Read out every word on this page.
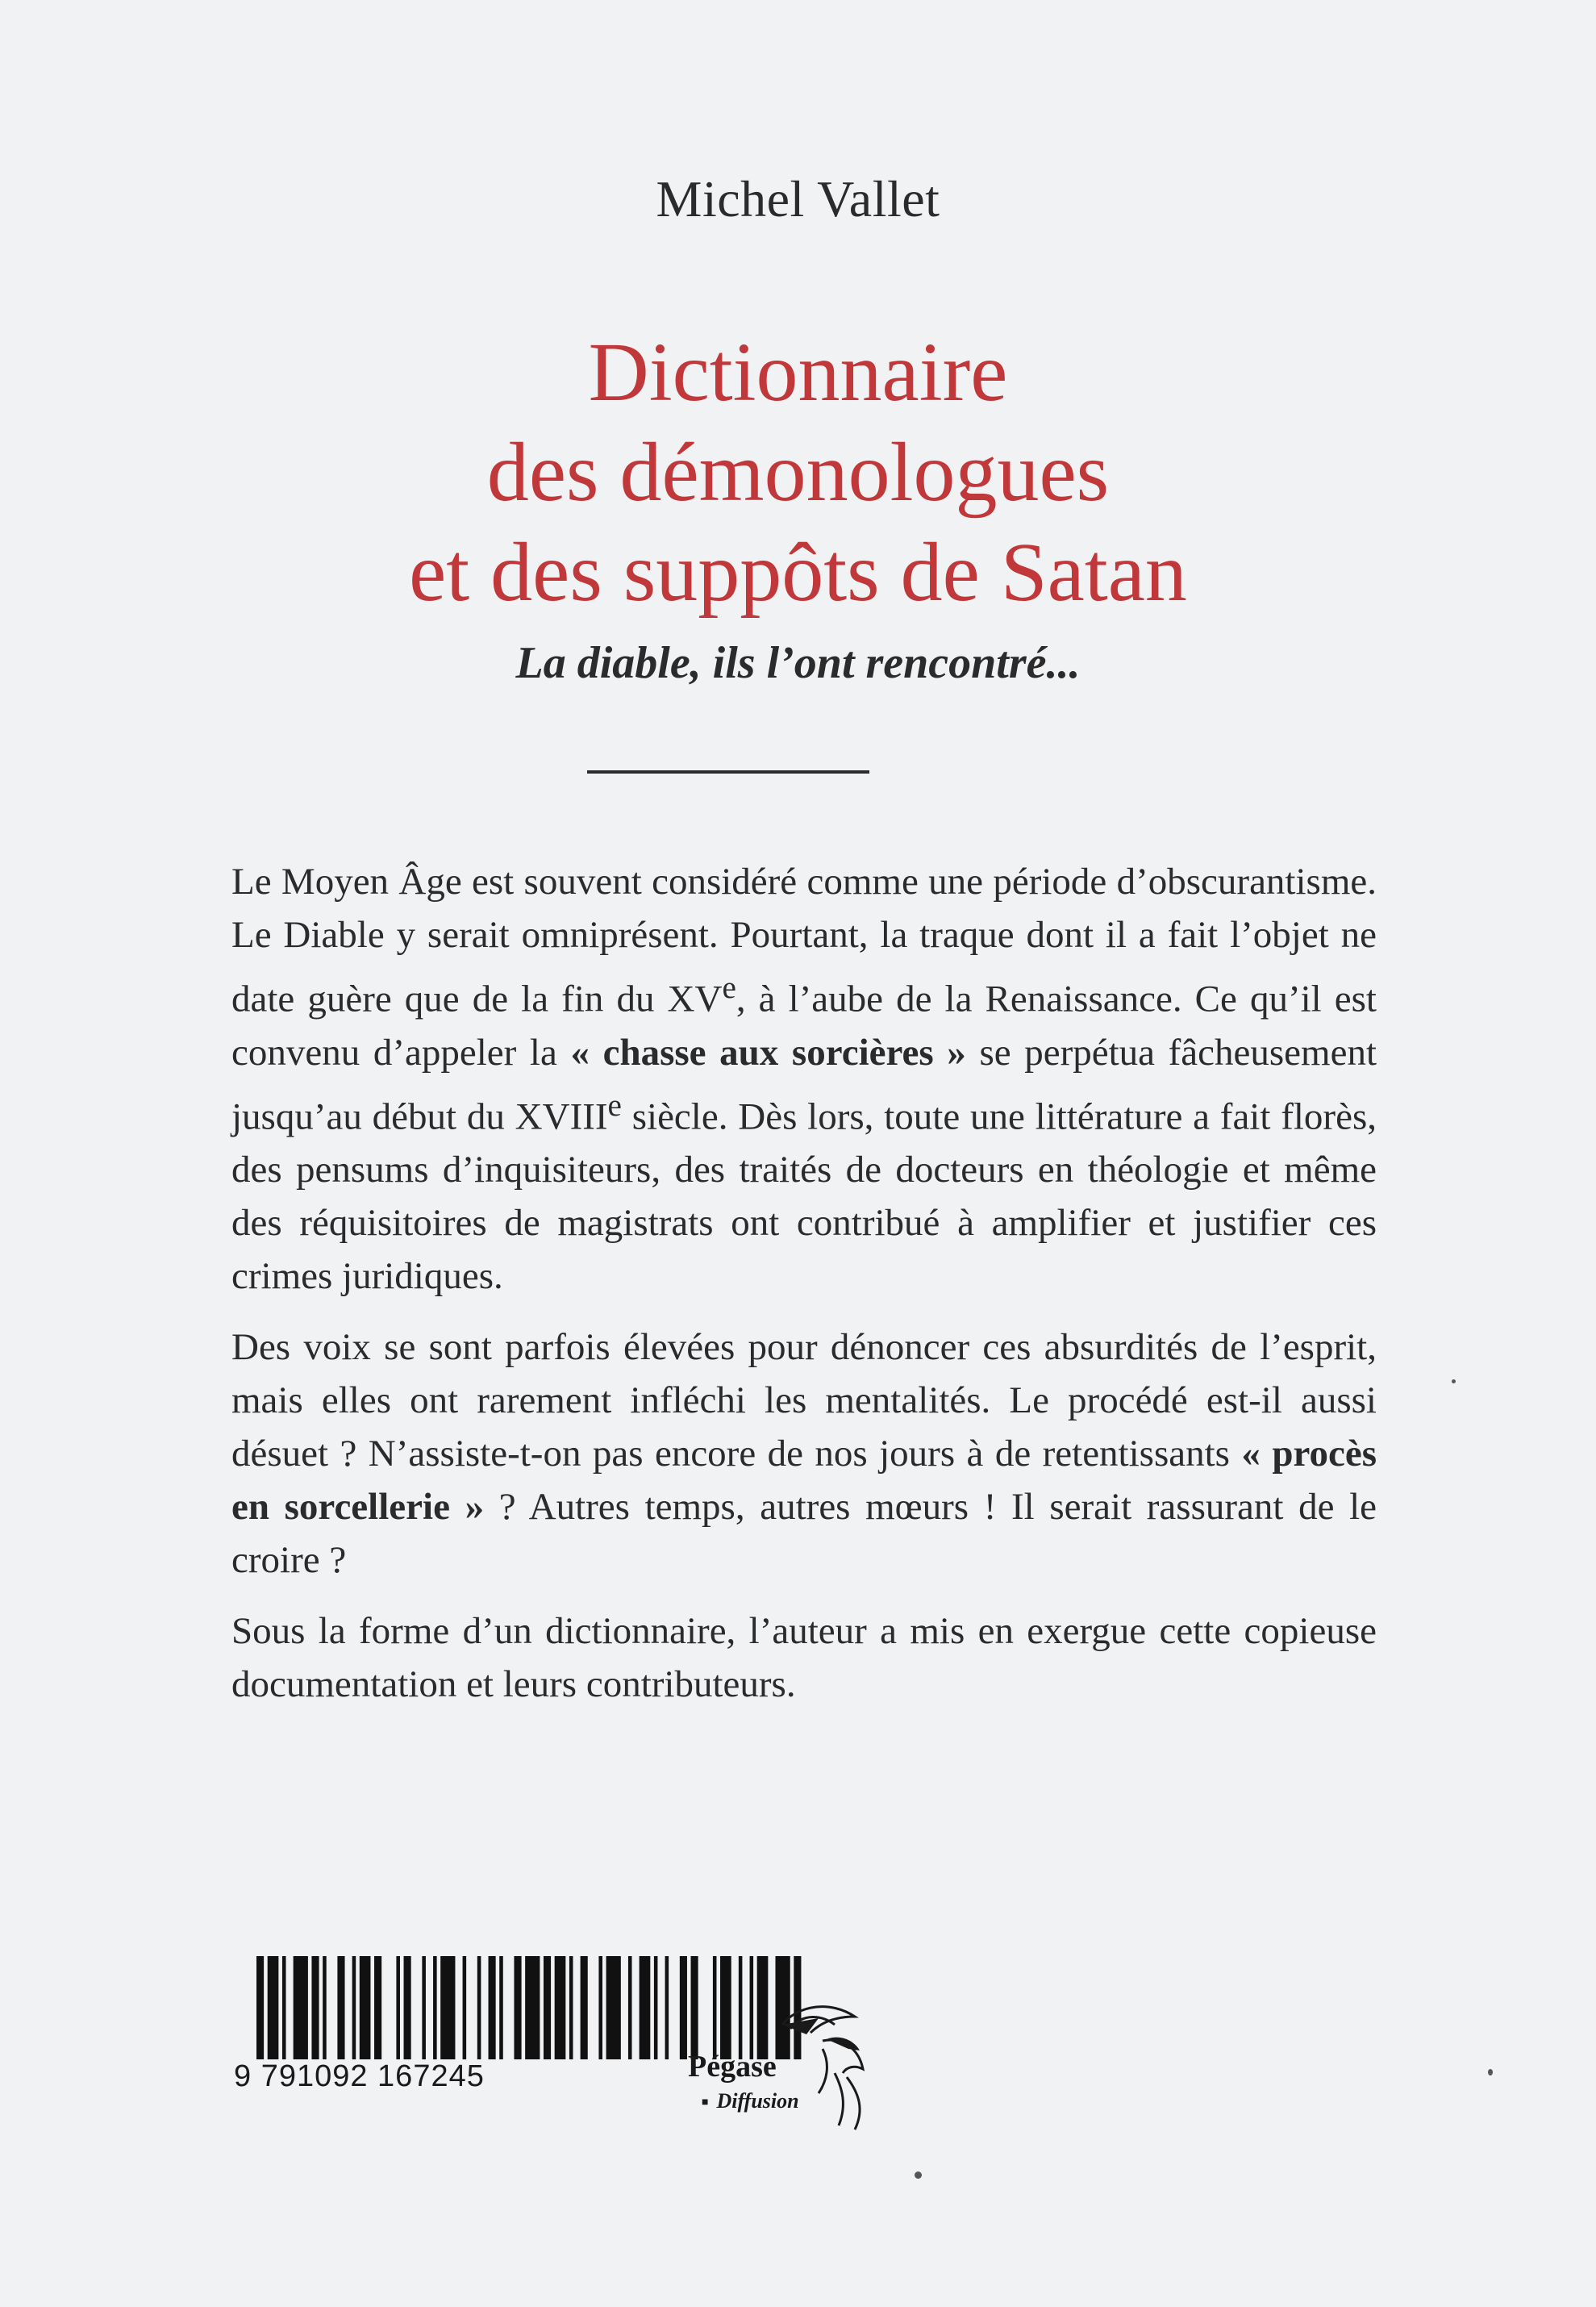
Michel Vallet
Dictionnaire
des démonologues
et des suppôts de Satan
La diable, ils l’ont rencontré...

Le Moyen Âge est souvent considéré comme une période d’obscurantisme. Le Diable y serait omniprésent. Pourtant, la traque dont il a fait l’objet ne date guère que de la fin du XVe, à l’aube de la Renaissance. Ce qu’il est convenu d’appeler la « chasse aux sorcières » se perpétua fâcheusement jusqu’au début du XVIIIe siècle. Dès lors, toute une littérature a fait florès, des pensums d’inquisiteurs, des traités de docteurs en théologie et même des réquisitoires de magistrats ont contribué à amplifier et justifier ces crimes juridiques.

Des voix se sont parfois élevées pour dénoncer ces absurdités de l’esprit, mais elles ont rarement infléchi les mentalités. Le procédé est-il aussi désuet ? N’assiste-t-on pas encore de nos jours à de retentissants « procès en sorcellerie » ? Autres temps, autres mœurs ! Il serait rassurant de le croire ?

Sous la forme d’un dictionnaire, l’auteur a mis en exergue cette copieuse documentation et leurs contributeurs.

9 791092 167245	Pégase
■ Diffusion
